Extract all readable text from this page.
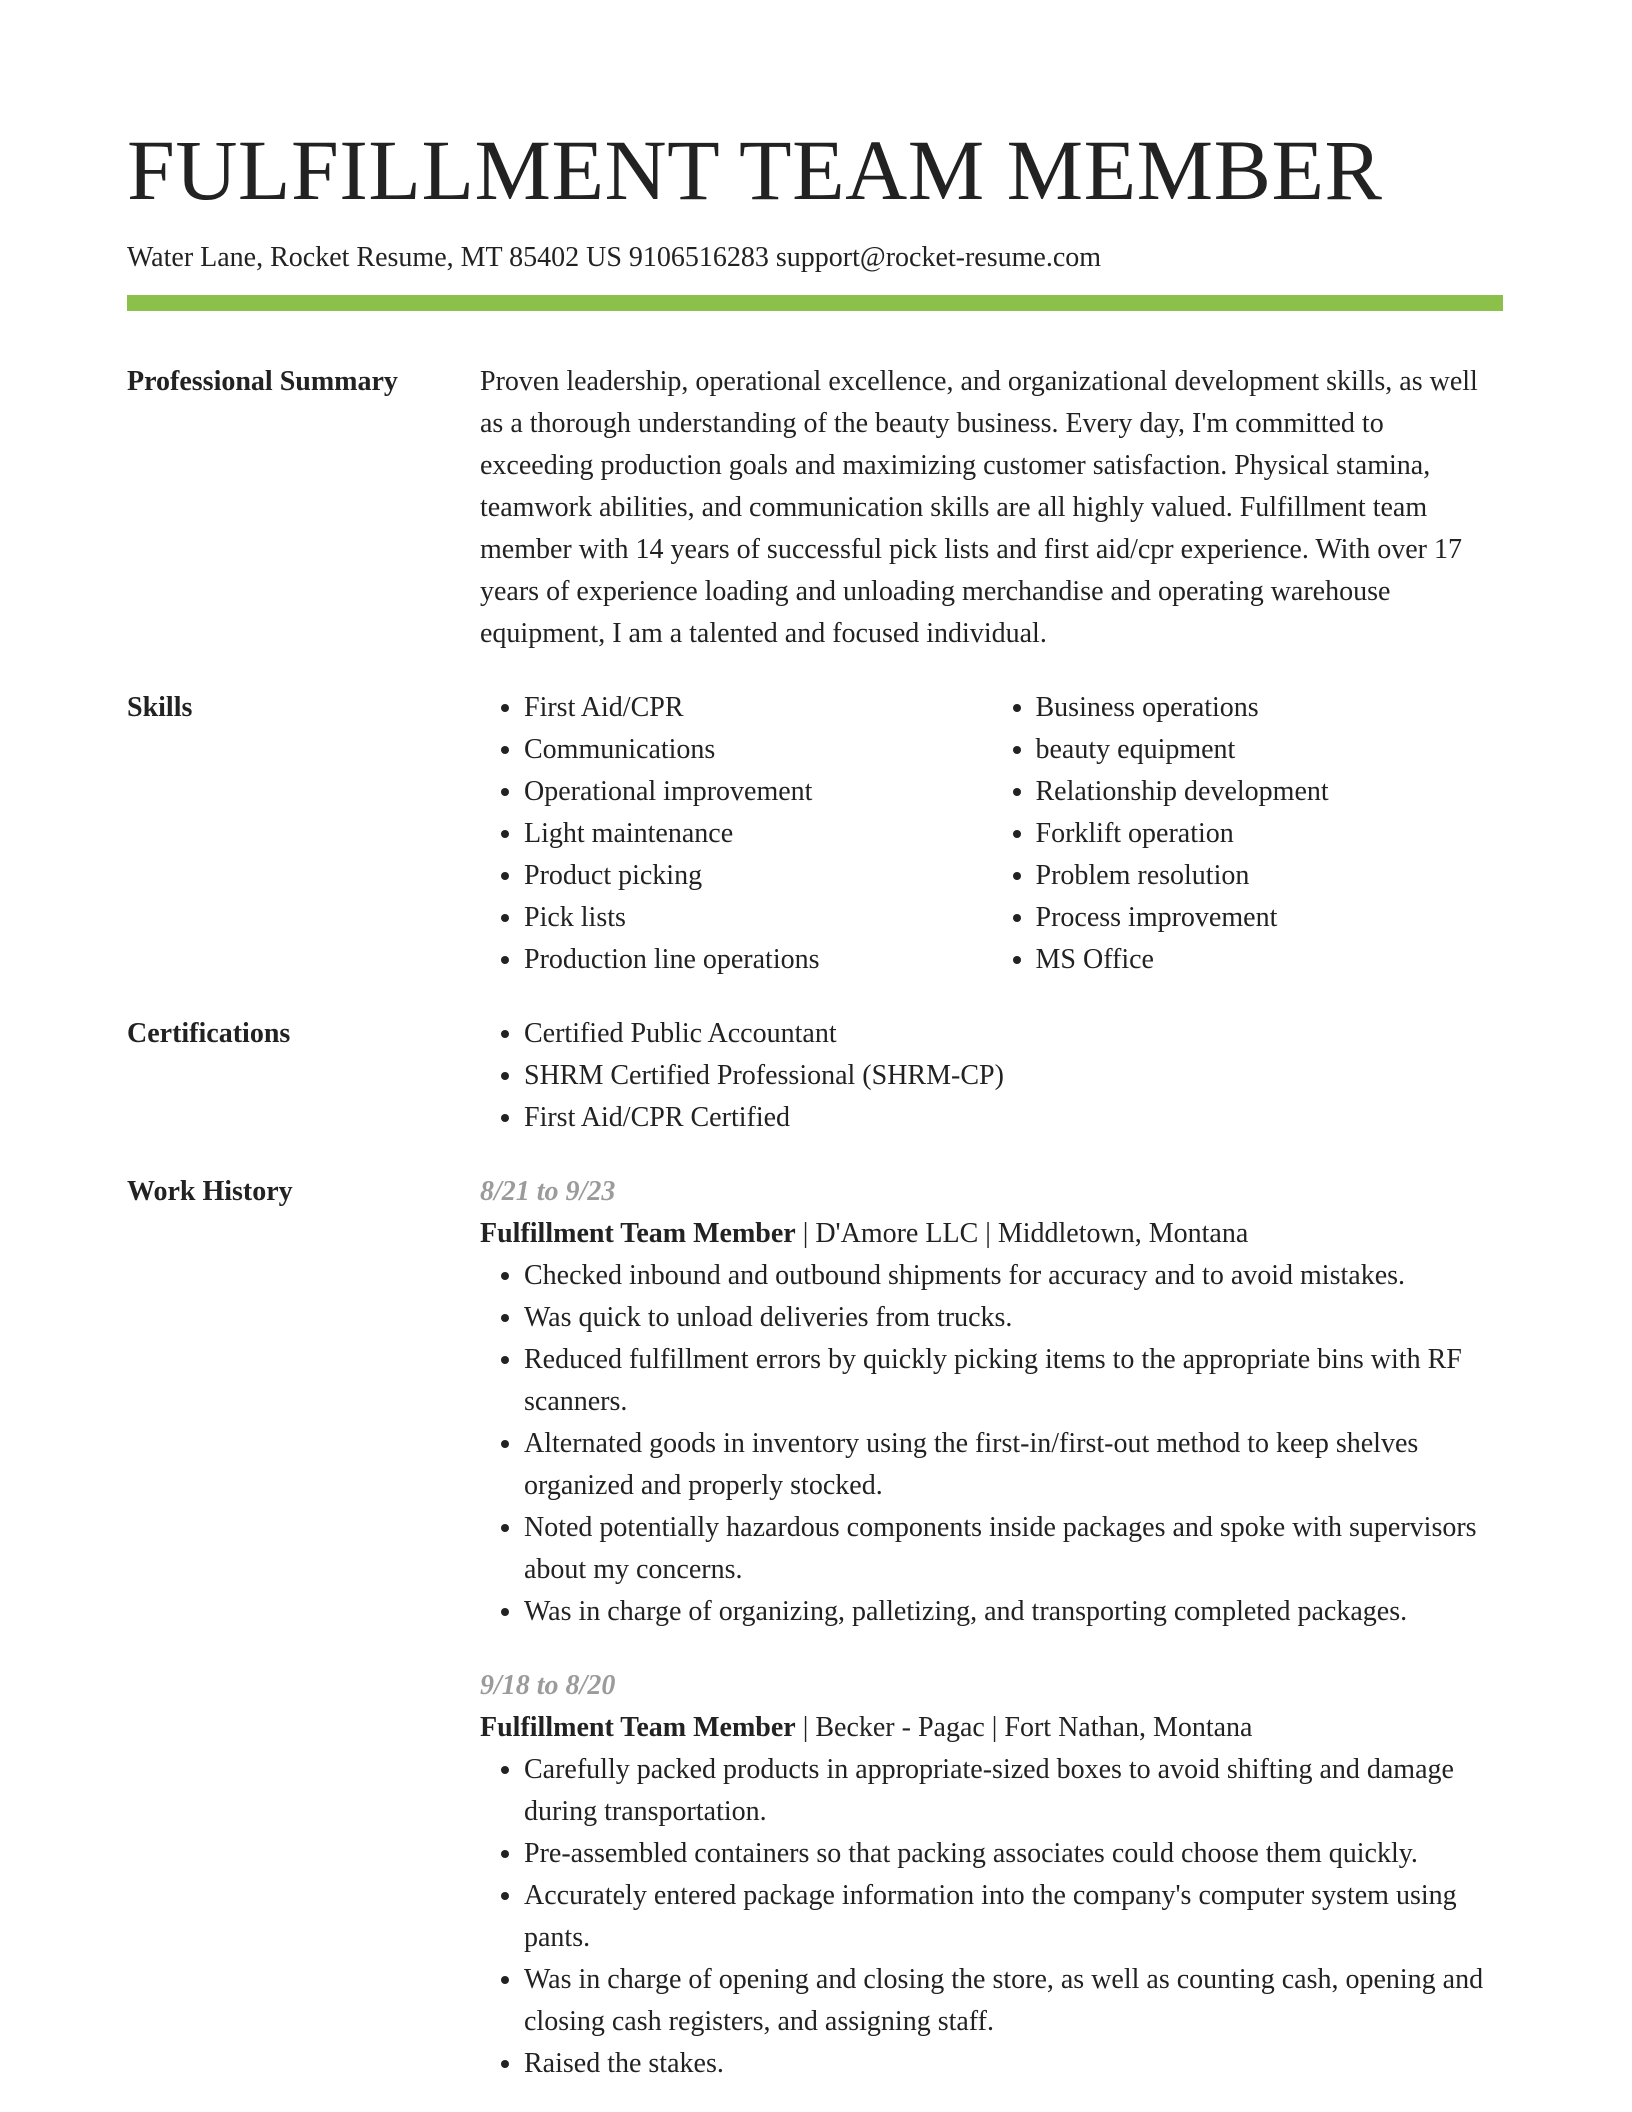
FULFILLMENT TEAM MEMBER
Water Lane, Rocket Resume, MT 85402 US 9106516283 support@rocket-resume.com
Professional Summary	Proven leadership, operational excellence, and organizational development skills, as well as a thorough understanding of the beauty business. Every day, I'm committed to exceeding production goals and maximizing customer satisfaction. Physical stamina, teamwork abilities, and communication skills are all highly valued. Fulfillment team member with 14 years of successful pick lists and first aid/cpr experience. With over 17 years of experience loading and unloading merchandise and operating warehouse equipment, I am a talented and focused individual.
Skills	• First Aid/CPR
• Communications
• Operational improvement
• Light maintenance
• Product picking
• Pick lists
• Production line operations
• Business operations
• beauty equipment
• Relationship development
• Forklift operation
• Problem resolution
• Process improvement
• MS Office
Certifications	• Certified Public Accountant
• SHRM Certified Professional (SHRM-CP)
• First Aid/CPR Certified
Work History	8/21 to 9/23
Fulfillment Team Member | D'Amore LLC | Middletown, Montana
• Checked inbound and outbound shipments for accuracy and to avoid mistakes.
• Was quick to unload deliveries from trucks.
• Reduced fulfillment errors by quickly picking items to the appropriate bins with RF scanners.
• Alternated goods in inventory using the first-in/first-out method to keep shelves organized and properly stocked.
• Noted potentially hazardous components inside packages and spoke with supervisors about my concerns.
• Was in charge of organizing, palletizing, and transporting completed packages.
9/18 to 8/20
Fulfillment Team Member | Becker - Pagac | Fort Nathan, Montana
• Carefully packed products in appropriate-sized boxes to avoid shifting and damage during transportation.
• Pre-assembled containers so that packing associates could choose them quickly.
• Accurately entered package information into the company's computer system using pants.
• Was in charge of opening and closing the store, as well as counting cash, opening and closing cash registers, and assigning staff.
• Raised the stakes.
